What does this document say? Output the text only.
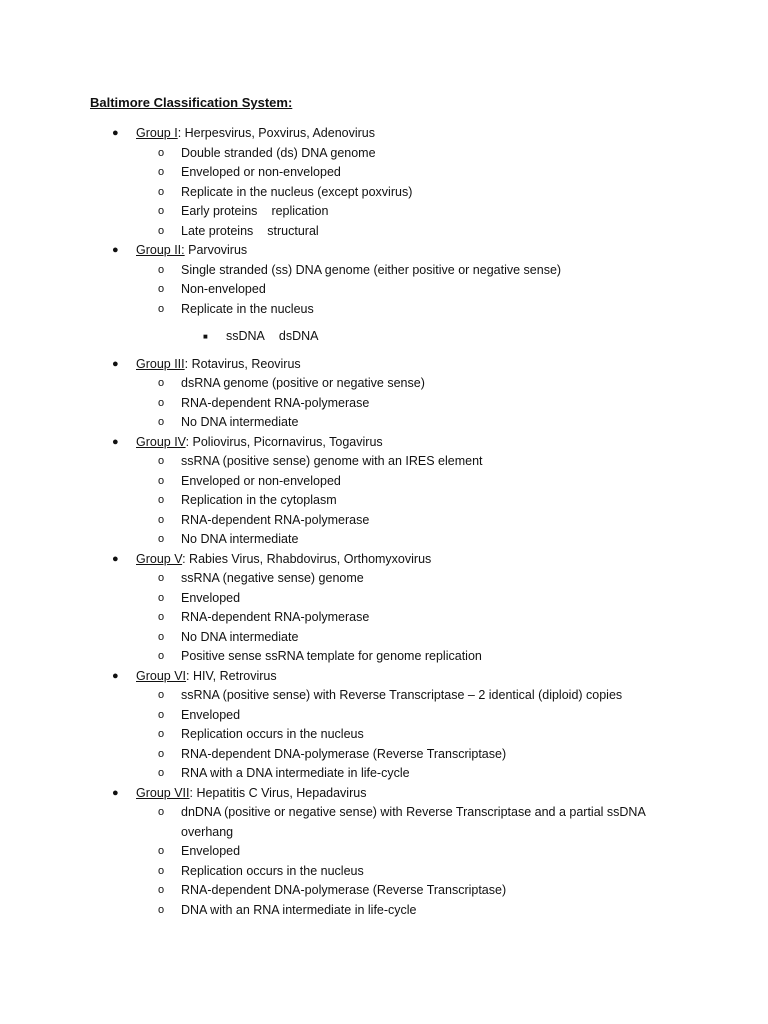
Baltimore Classification System:
● Group I: Herpesvirus, Poxvirus, Adenovirus
o Double stranded (ds) DNA genome
o Enveloped or non-enveloped
o Replicate in the nucleus (except poxvirus)
o Early proteins replication
o Late proteins structural
● Group II: Parvovirus
o Single stranded (ss) DNA genome (either positive or negative sense)
o Non-enveloped
o Replicate in the nucleus
■ ssDNA dsDNA
● Group III: Rotavirus, Reovirus
o dsRNA genome (positive or negative sense)
o RNA-dependent RNA-polymerase
o No DNA intermediate
● Group IV: Poliovirus, Picornavirus, Togavirus
o ssRNA (positive sense) genome with an IRES element
o Enveloped or non-enveloped
o Replication in the cytoplasm
o RNA-dependent RNA-polymerase
o No DNA intermediate
● Group V: Rabies Virus, Rhabdovirus, Orthomyxovirus
o ssRNA (negative sense) genome
o Enveloped
o RNA-dependent RNA-polymerase
o No DNA intermediate
o Positive sense ssRNA template for genome replication
● Group VI: HIV, Retrovirus
o ssRNA (positive sense) with Reverse Transcriptase – 2 identical (diploid) copies
o Enveloped
o Replication occurs in the nucleus
o RNA-dependent DNA-polymerase (Reverse Transcriptase)
o RNA with a DNA intermediate in life-cycle
● Group VII: Hepatitis C Virus, Hepadavirus
o dnDNA (positive or negative sense) with Reverse Transcriptase and a partial ssDNA
overhang
o Enveloped
o Replication occurs in the nucleus
o RNA-dependent DNA-polymerase (Reverse Transcriptase)
o DNA with an RNA intermediate in life-cycle
